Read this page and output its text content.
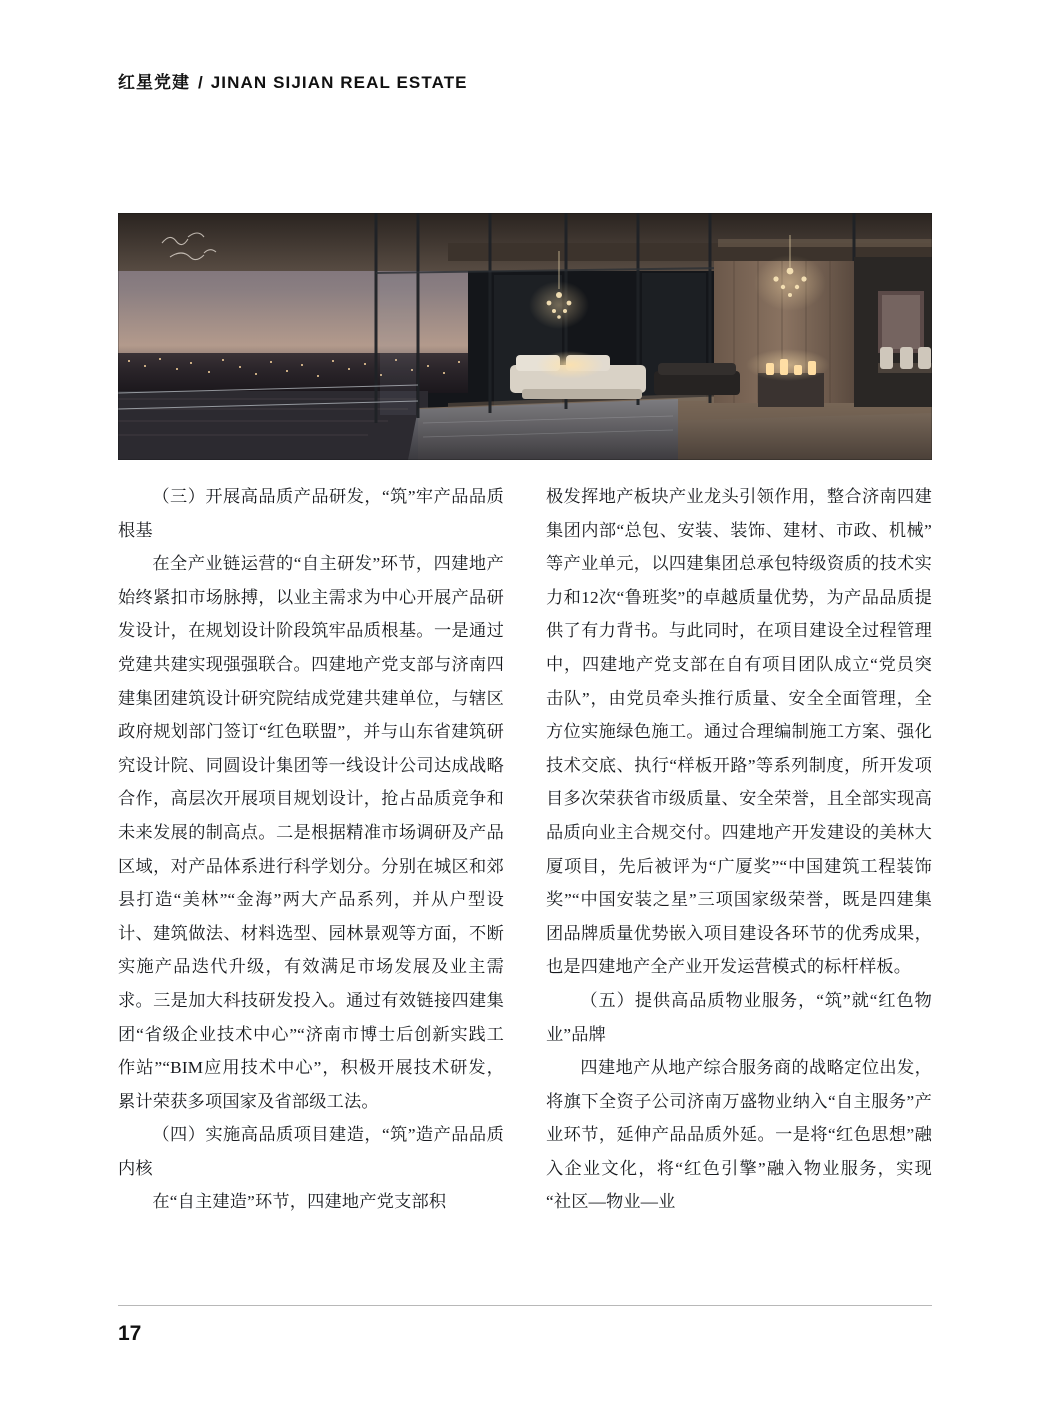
红星党建 / JINAN SIJIAN REAL ESTATE

（三）开展高品质产品研发，“筑”牢产品品质根基

在全产业链运营的“自主研发”环节，四建地产始终紧扣市场脉搏，以业主需求为中心开展产品研发设计，在规划设计阶段筑牢品质根基。一是通过党建共建实现强强联合。四建地产党支部与济南四建集团建筑设计研究院结成党建共建单位，与辖区政府规划部门签订“红色联盟”，并与山东省建筑研究设计院、同圆设计集团等一线设计公司达成战略合作，高层次开展项目规划设计，抢占品质竞争和未来发展的制高点。二是根据精准市场调研及产品区域，对产品体系进行科学划分。分别在城区和郊县打造“美林”“金海”两大产品系列，并从户型设计、建筑做法、材料选型、园林景观等方面，不断实施产品迭代升级，有效满足市场发展及业主需求。三是加大科技研发投入。通过有效链接四建集团“省级企业技术中心”“济南市博士后创新实践工作站”“BIM应用技术中心”，积极开展技术研发，累计荣获多项国家及省部级工法。

（四）实施高品质项目建造，“筑”造产品品质内核

在“自主建造”环节，四建地产党支部积

极发挥地产板块产业龙头引领作用，整合济南四建集团内部“总包、安装、装饰、建材、市政、机械”等产业单元，以四建集团总承包特级资质的技术实力和12次“鲁班奖”的卓越质量优势，为产品品质提供了有力背书。与此同时，在项目建设全过程管理中，四建地产党支部在自有项目团队成立“党员突击队”，由党员牵头推行质量、安全全面管理，全方位实施绿色施工。通过合理编制施工方案、强化技术交底、执行“样板开路”等系列制度，所开发项目多次荣获省市级质量、安全荣誉，且全部实现高品质向业主合规交付。四建地产开发建设的美林大厦项目，先后被评为“广厦奖”“中国建筑工程装饰奖”“中国安装之星”三项国家级荣誉，既是四建集团品牌质量优势嵌入项目建设各环节的优秀成果，也是四建地产全产业开发运营模式的标杆样板。

（五）提供高品质物业服务，“筑”就“红色物业”品牌

四建地产从地产综合服务商的战略定位出发，将旗下全资子公司济南万盛物业纳入“自主服务”产业环节，延伸产品品质外延。一是将“红色思想”融入企业文化，将“红色引擎”融入物业服务，实现“社区—物业—业

17
